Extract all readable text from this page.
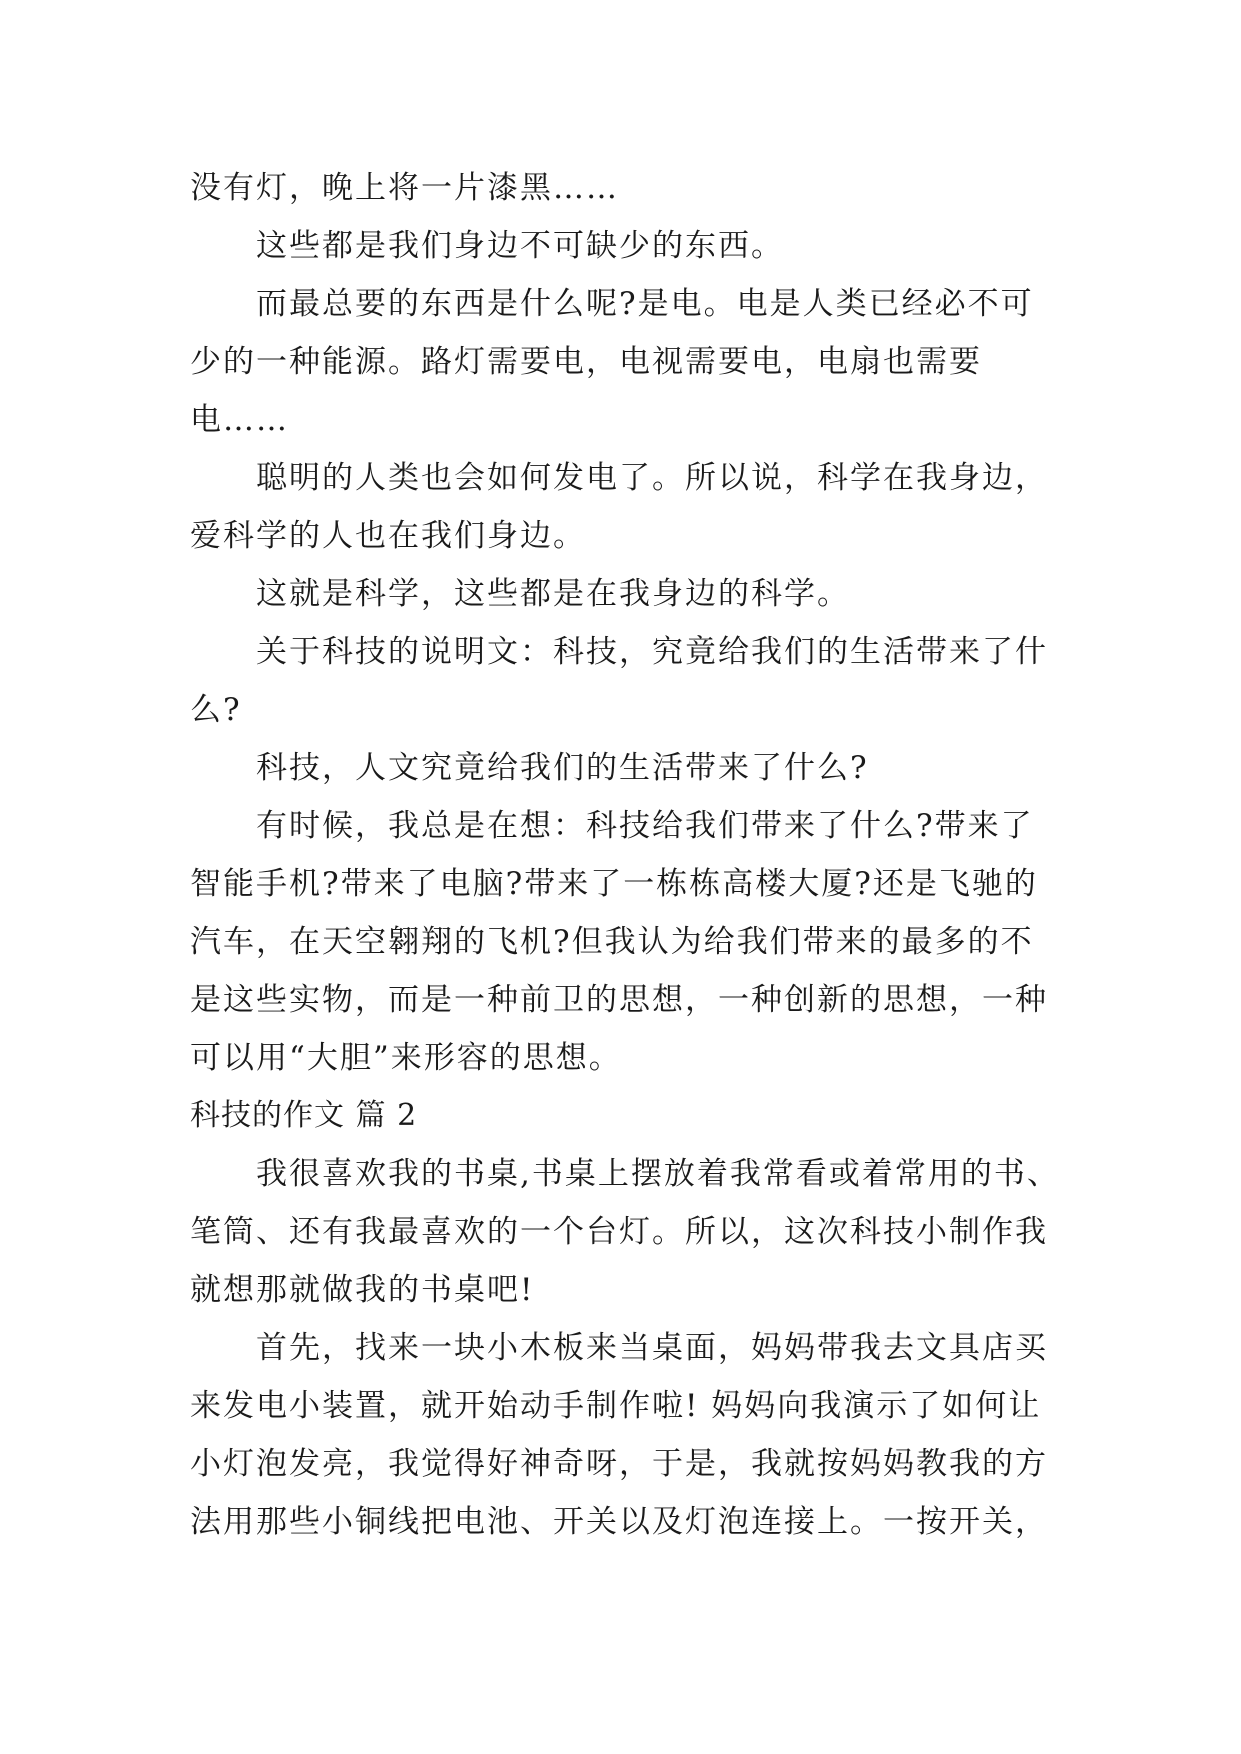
没有灯，晚上将一片漆黑……
这些都是我们身边不可缺少的东西。
而最总要的东西是什么呢?是电。电是人类已经必不可
少的一种能源。路灯需要电，电视需要电，电扇也需要
电……
聪明的人类也会如何发电了。所以说，科学在我身边，
爱科学的人也在我们身边。
这就是科学，这些都是在我身边的科学。
关于科技的说明文：科技，究竟给我们的生活带来了什
么?
科技，人文究竟给我们的生活带来了什么?
有时候，我总是在想：科技给我们带来了什么?带来了
智能手机?带来了电脑?带来了一栋栋高楼大厦?还是飞驰的
汽车，在天空翱翔的飞机?但我认为给我们带来的最多的不
是这些实物，而是一种前卫的思想，一种创新的思想，一种
可以用“大胆”来形容的思想。
科技的作文 篇 2
我很喜欢我的书桌,书桌上摆放着我常看或着常用的书、
笔筒、还有我最喜欢的一个台灯。所以，这次科技小制作我
就想那就做我的书桌吧!
首先，找来一块小木板来当桌面，妈妈带我去文具店买
来发电小装置，就开始动手制作啦! 妈妈向我演示了如何让
小灯泡发亮，我觉得好神奇呀，于是，我就按妈妈教我的方
法用那些小铜线把电池、开关以及灯泡连接上。一按开关，
